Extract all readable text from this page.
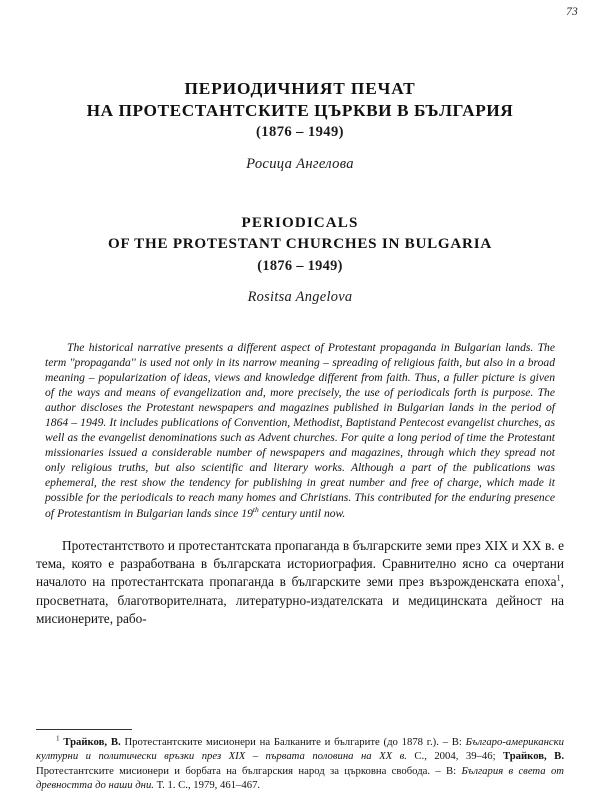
73
ПЕРИОДИЧНИЯТ ПЕЧАТ
НА ПРОТЕСТАНТСКИТЕ ЦЪРКВИ В БЪЛГАРИЯ
(1876 – 1949)
Росица Ангелова
PERIODICALS
OF THE PROTESTANT CHURCHES IN BULGARIA
(1876 – 1949)
Rositsa Angelova
The historical narrative presents a different aspect of Protestant propaganda in Bulgarian lands. The term ''propaganda'' is used not only in its narrow meaning – spreading of religious faith, but also in a broad meaning – popularization of ideas, views and knowledge different from faith. Thus, a fuller picture is given of the ways and means of evangelization and, more precisely, the use of periodicals forth is purpose. The author discloses the Protestant newspapers and magazines published in Bulgarian lands in the period of 1864 – 1949. It includes publications of Convention, Methodist, Baptistand Pentecost evangelist churches, as well as the evangelist denominations such as Advent churches. For quite a long period of time the Protestant missionaries issued a considerable number of newspapers and magazines, through which they spread not only religious truths, but also scientific and literary works. Although a part of the publications was ephemeral, the rest show the tendency for publishing in great number and free of charge, which made it possible for the periodicals to reach many homes and Christians. This contributed for the enduring presence of Protestantism in Bulgarian lands since 19th century until now.
Протестантството и протестантската пропаганда в българските земи през XIX и XX в. е тема, която е разработвана в българската историография. Сравнително ясно са очертани началото на протестантската пропаганда в българските земи през възрожденската епоха$^1$, просветната, благотворителната, литературно-издателската и медицинската дейност на мисионерите, рабо-
$^1$ Трайков, В. Протестантските мисионери на Балканите и българите (до 1878 г.). – В: Българо-американски културни и политически връзки през XIX – първата половина на XX в. С., 2004, 39–46; Трайков, В. Протестантските мисионери и борбата на българския народ за църковна свобода. – В: България в света от древността до наши дни. Т. 1. С., 1979, 461–467.
